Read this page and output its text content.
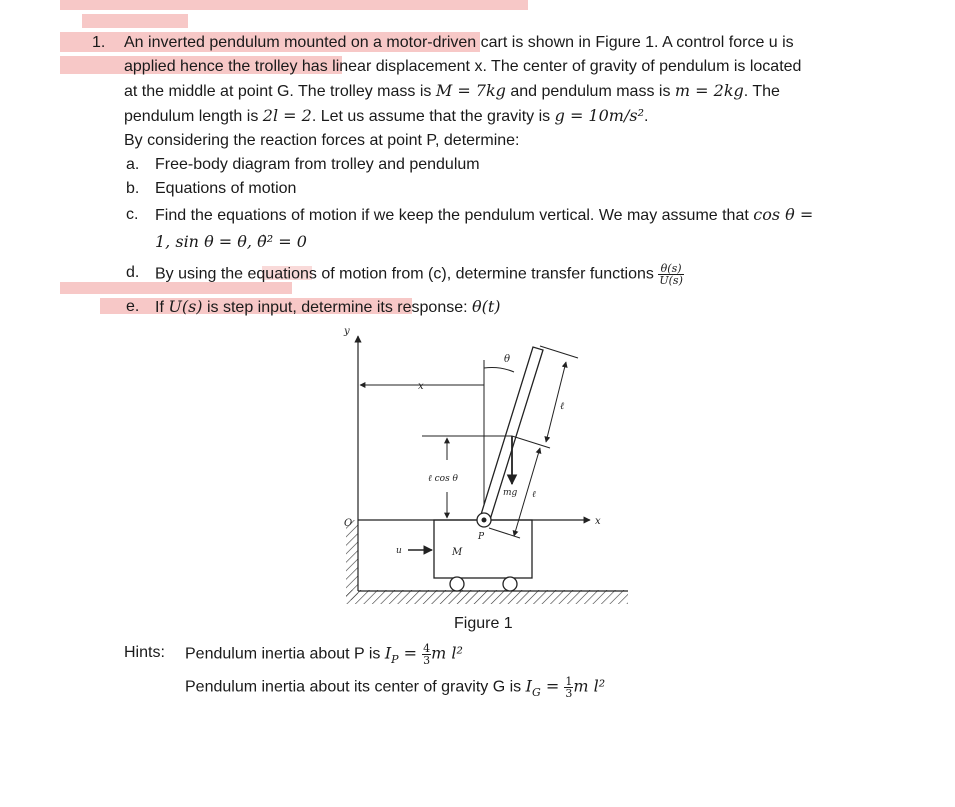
1. An inverted pendulum mounted on a motor-driven cart is shown in Figure 1. A control force u is
applied hence the trolley has linear displacement x. The center of gravity of pendulum is located
at the middle at point G. The trolley mass is M = 7kg and pendulum mass is m = 2kg. The
pendulum length is 2l = 2. Let us assume that the gravity is g = 10m/s².
By considering the reaction forces at point P, determine:
a. Free-body diagram from trolley and pendulum
b. Equations of motion
c. Find the equations of motion if we keep the pendulum vertical. We may assume that cos θ =
1, sin θ = θ, θ̇² = 0
d. By using the equations of motion from (c), determine transfer functions $\frac{\theta(s)}{U(s)}$
e. If U(s) is step input, determine its response: θ(t)
y
x
θ
ℓ
ℓ cos θ
mg ℓ
O	x
u	M
P
Figure 1
Hints: Pendulum inertia about P is $I_P = \frac{4}{3}$ m l²
Pendulum inertia about its center of gravity G is $I_G = \frac{1}{3}$ m l²
